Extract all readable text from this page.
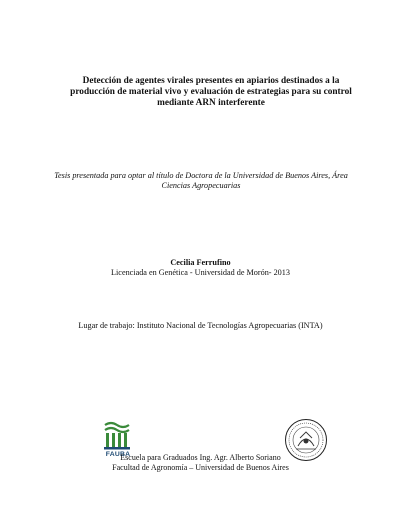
Detección de agentes virales presentes en apiarios destinados a la
producción de material vivo y evaluación de estrategias para su control
mediante ARN interferente
Tesis presentada para optar al título de Doctora de la Universidad de Buenos Aires, Área
Ciencias Agropecuarias
Cecilia Ferrufino
Licenciada en Genética - Universidad de Morón- 2013
Lugar de trabajo: Instituto Nacional de Tecnologías Agropecuarias (INTA)
FAUBA
Escuela para Graduados Ing. Agr. Alberto Soriano
Facultad de Agronomía – Universidad de Buenos Aires
